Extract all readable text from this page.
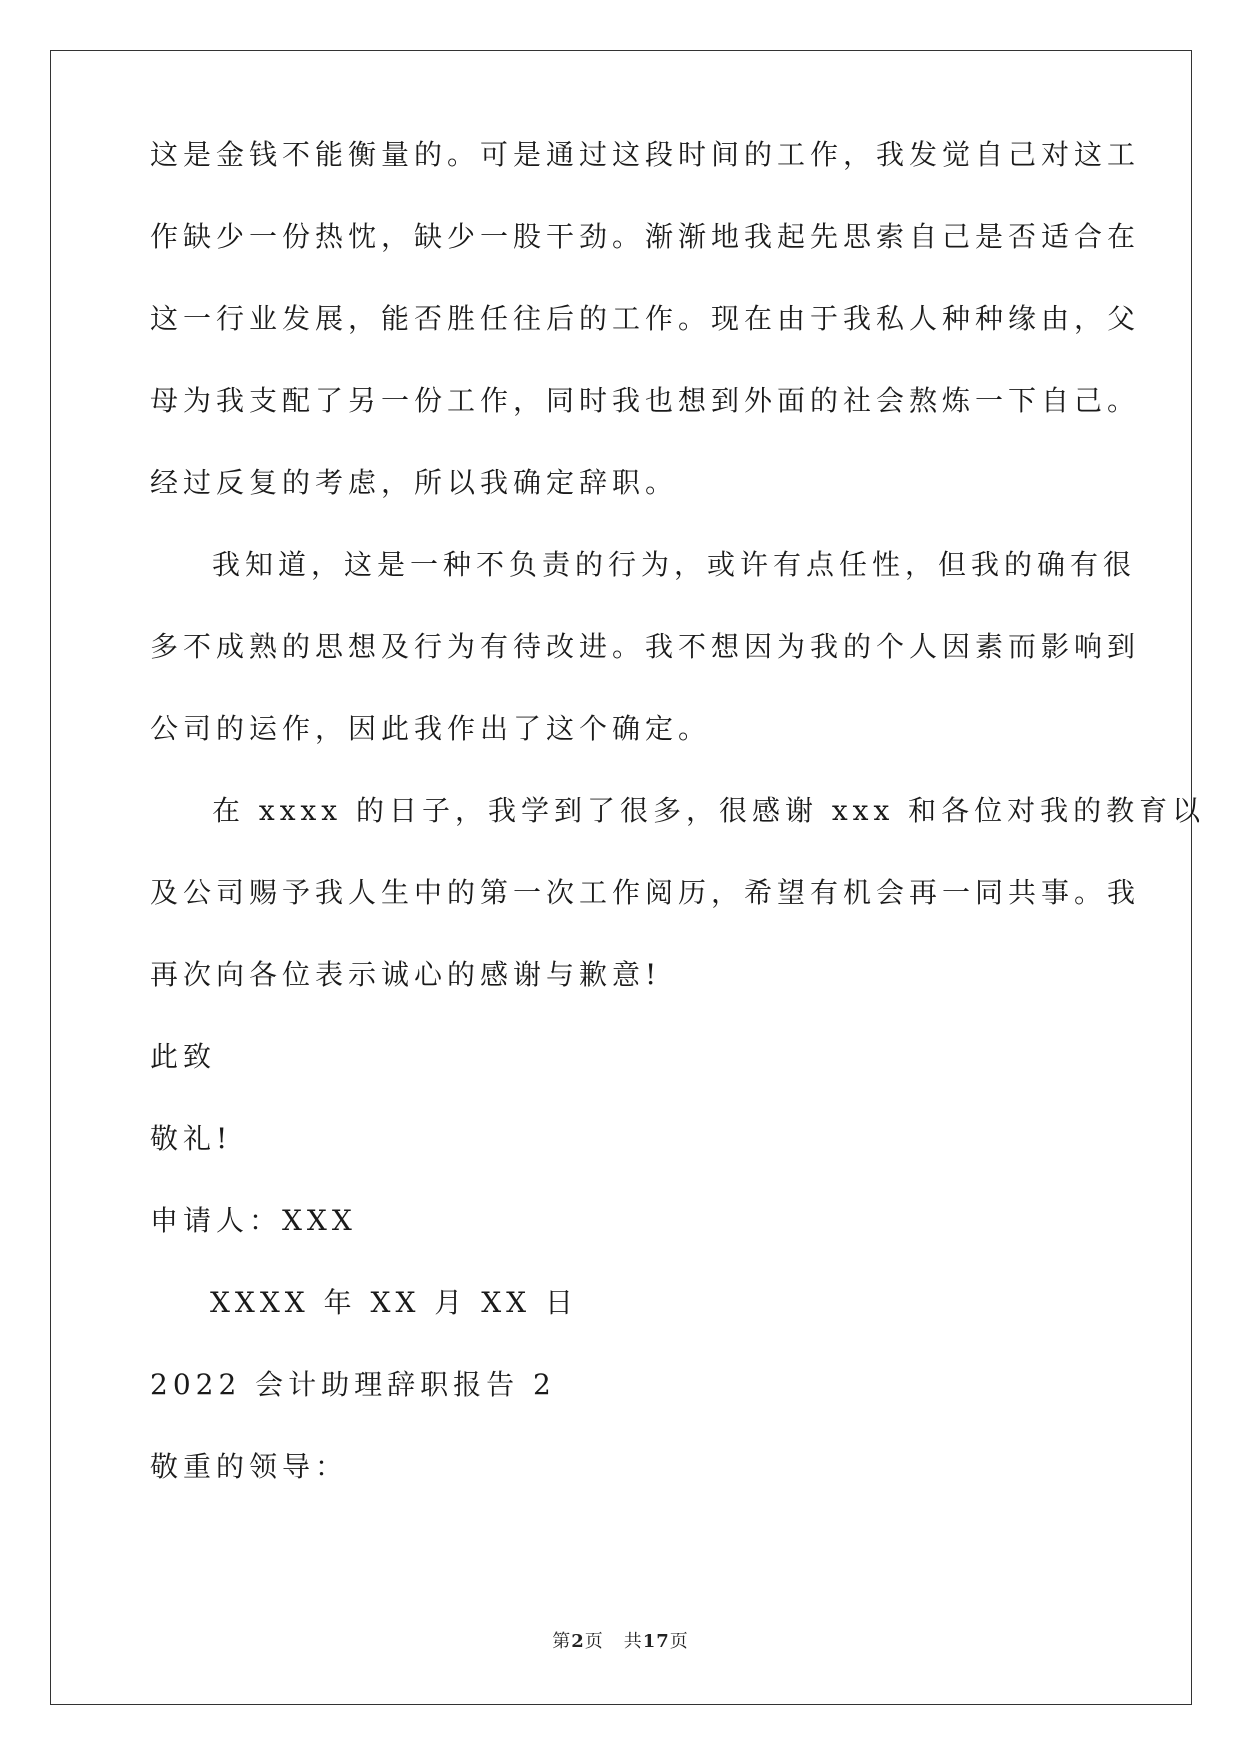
这是金钱不能衡量的。可是通过这段时间的工作，我发觉自己对这工
作缺少一份热忱，缺少一股干劲。渐渐地我起先思索自己是否适合在
这一行业发展，能否胜任往后的工作。现在由于我私人种种缘由，父
母为我支配了另一份工作，同时我也想到外面的社会熬炼一下自己。
经过反复的考虑，所以我确定辞职。
我知道，这是一种不负责的行为，或许有点任性，但我的确有很
多不成熟的思想及行为有待改进。我不想因为我的个人因素而影响到
公司的运作，因此我作出了这个确定。
在 xxxx 的日子，我学到了很多，很感谢 xxx 和各位对我的教育以
及公司赐予我人生中的第一次工作阅历，希望有机会再一同共事。我
再次向各位表示诚心的感谢与歉意!
此致
敬礼!
申请人：XXX
XXXX 年 XX 月 XX 日
2022 会计助理辞职报告 2
敬重的领导：
第2页 共17页
